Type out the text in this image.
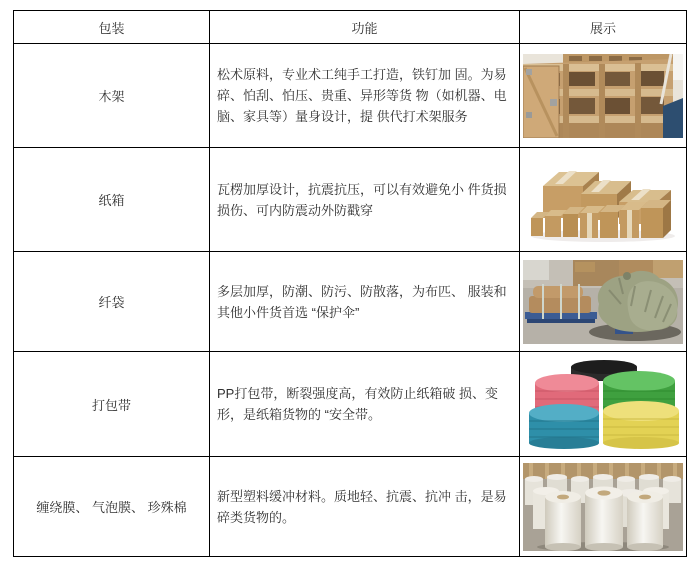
包装	功能	展示
木架

松术原料，专业术工纯手工打造，铁钉加 固。为易碎、怕刮、怕压、贵重、异形等货 物（如机器、电脑、家具等）量身设计，提 供代打术架服务

纸箱

瓦楞加厚设计，抗震抗压，可以有效避免小 件货损 损伤、可内防震动外防戳穿

纤袋

多层加厚，防潮、防污、防散落，为布匹、 服装和其他小件货首选 “保护伞”

打包带

PP打包带，断裂强度高，有效防止纸箱破 损、变形，是纸箱货物的 “安全带。

缠绕膜、 气泡膜、 珍殊棉

新型塑料缓冲材料。质地轻、抗震、抗冲 击，是易碎类货物的。
